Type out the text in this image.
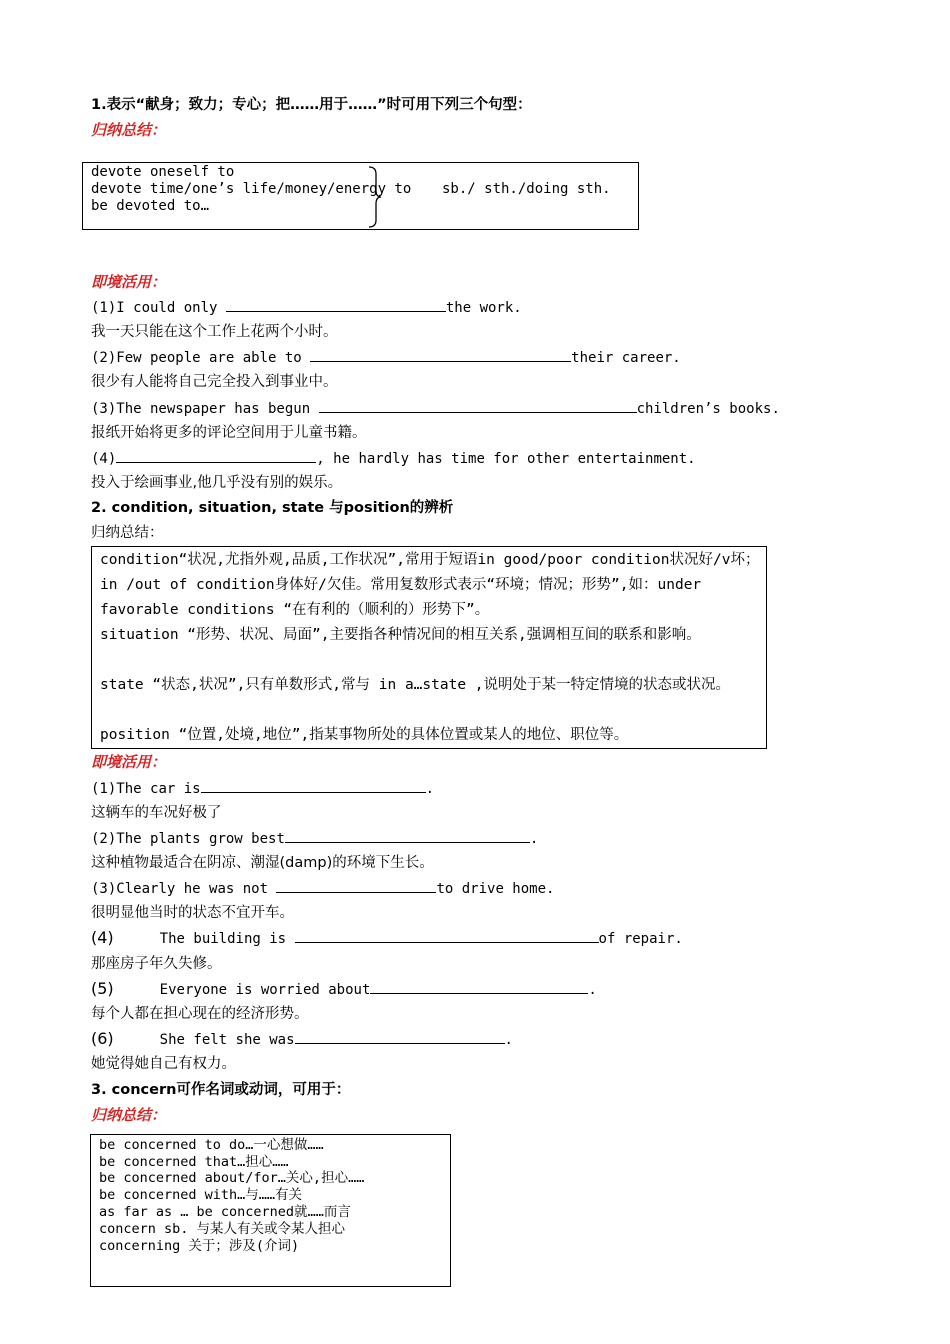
1.表示“献身；致力；专心；把……用于……”时可用下列三个句型：
归纳总结：
devote oneself to
devote time/one’s life/money/energy to
be devoted to…
sb./ sth./doing sth.
即境活用：
(1)I could only	the work.
我一天只能在这个工作上花两个小时。
(2)Few people are able to	their career.
很少有人能将自己完全投入到事业中。
(3)The newspaper has begun	children’s books.
报纸开始将更多的评论空间用于儿童书籍。
(4)	, he hardly has time for other entertainment.
投入于绘画事业,他几乎没有别的娱乐。
2. condition, situation, state 与position的辨析
归纳总结：
condition“状况,尤指外观,品质,工作状况”,常用于短语in good/poor condition状况好/v坏；in /out of condition身体好/欠佳。常用复数形式表示“环境；情况；形势”,如：under favorable conditions “在有利的（顺利的）形势下”。
situation “形势、状况、局面”,主要指各种情况间的相互关系,强调相互间的联系和影响。
state “状态,状况”,只有单数形式,常与 in a…state ,说明处于某一特定情境的状态或状况。
position “位置,处境,地位”,指某事物所处的具体位置或某人的地位、职位等。
即境活用：
(1)The car is	.
这辆车的车况好极了
(2)The plants grow best	.
这种植物最适合在阴凉、潮湿(damp)的环境下生长。
(3)Clearly he was not	to drive home.
很明显他当时的状态不宜开车。
(4)	The building is	of repair.
那座房子年久失修。
(5)	Everyone is worried about	.
每个人都在担心现在的经济形势。
(6)	She felt she was	.
她觉得她自己有权力。
3. concern可作名词或动词，可用于：
归纳总结：
be concerned to do…一心想做……
be concerned that…担心……
be concerned about/for…关心,担心……
be concerned with…与……有关
as far as … be concerned就……而言
concern sb. 与某人有关或令某人担心
concerning 关于；涉及(介词)
